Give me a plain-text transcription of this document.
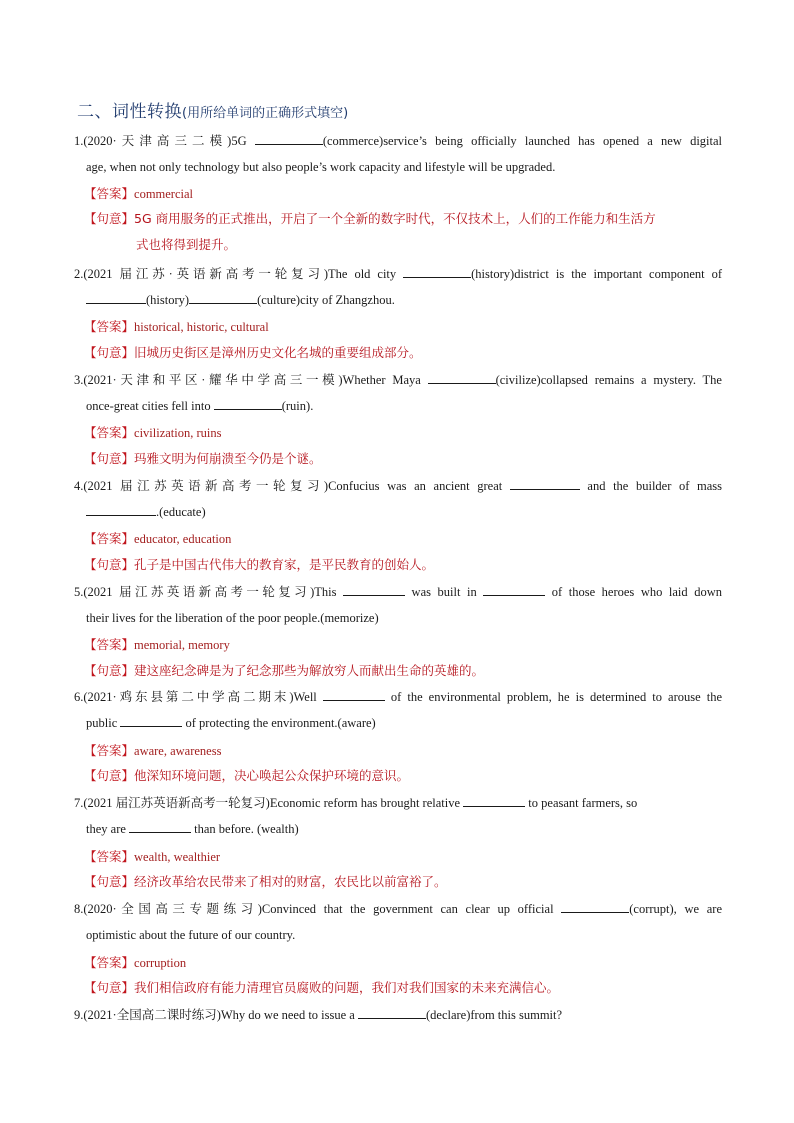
二、词性转换(用所给单词的正确形式填空)
1.(2020·天津高三二模)5G	(commerce)service’s being officially launched has opened a new digital
age, when not only technology but also people’s work capacity and lifestyle will be upgraded.
【答案】commercial
【句意】5G 商用服务的正式推出，开启了一个全新的数字时代，不仅技术上，人们的工作能力和生活方
式也将得到提升。
2.(2021 届江苏·英语新高考一轮复习)The old city	(history)district is the important component of
(history)	(culture)city of Zhangzhou.
【答案】historical, historic, cultural
【句意】旧城历史街区是漳州历史文化名城的重要组成部分。
3.(2021·天津和平区·耀华中学高三一模)Whether Maya	(civilize)collapsed remains a mystery. The
once-great cities fell into	(ruin).
【答案】civilization, ruins
【句意】玛雅文明为何崩溃至今仍是个谜。
4.(2021 届江苏英语新高考一轮复习)Confucius was an ancient great	and the builder of mass
.(educate)
【答案】educator, education
【句意】孔子是中国古代伟大的教育家，是平民教育的创始人。
5.(2021 届江苏英语新高考一轮复习)This	was built in	of those heroes who laid down
their lives for the liberation of the poor people.(memorize)
【答案】memorial, memory
【句意】建这座纪念碑是为了纪念那些为解放穷人而献出生命的英雄的。
6.(2021·鸡东县第二中学高二期末)Well	of the environmental problem, he is determined to arouse the
public	of protecting the environment.(aware)
【答案】aware, awareness
【句意】他深知环境问题，决心唤起公众保护环境的意识。
7.(2021 届江苏英语新高考一轮复习)Economic reform has brought relative	to peasant farmers, so
they are	than before. (wealth)
【答案】wealth, wealthier
【句意】经济改革给农民带来了相对的财富，农民比以前富裕了。
8.(2020·全国高三专题练习)Convinced that the government can clear up official	(corrupt), we are
optimistic about the future of our country.
【答案】corruption
【句意】我们相信政府有能力清理官员腐败的问题，我们对我们国家的未来充满信心。
9.(2021·全国高二课时练习)Why do we need to issue a	(declare)from this summit?
